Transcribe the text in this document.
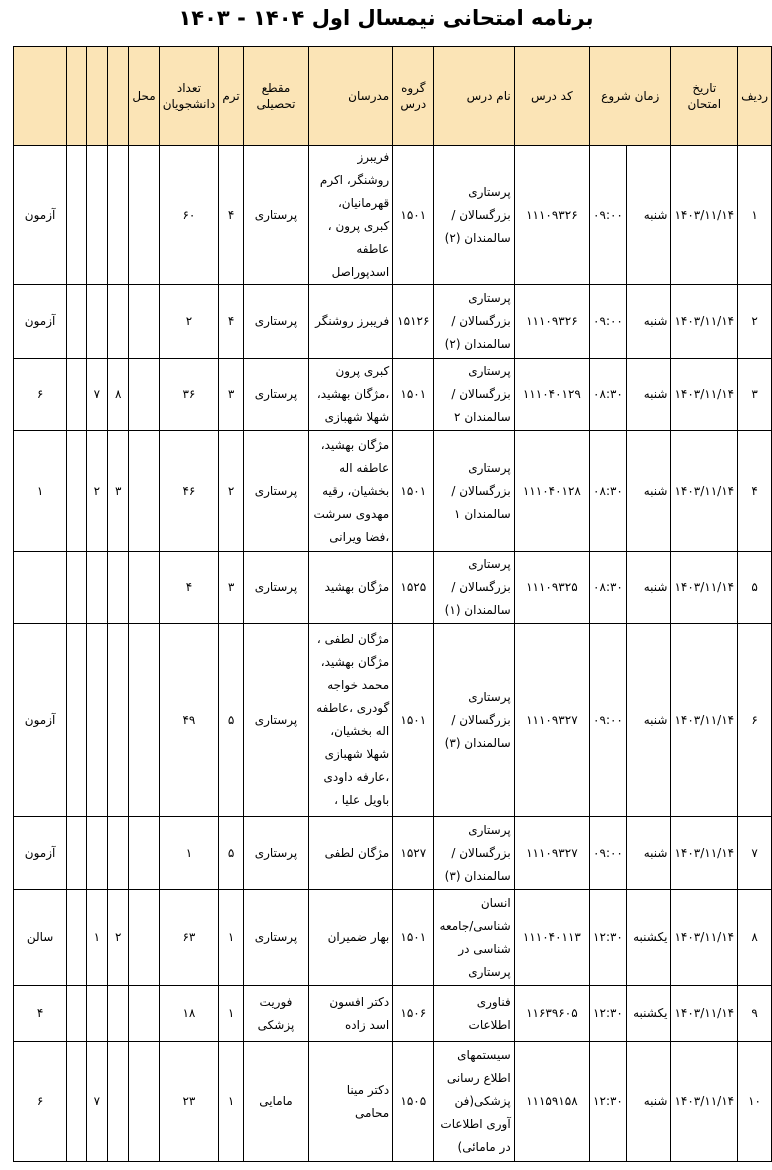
برنامه امتحانی نیمسال اول ۱۴۰۴ - ۱۴۰۳
ردیف	تاریخ امتحان	زمان شروع		کد درس	نام درس	گروه درس	مدرسان	مقطع تحصیلی	ترم	تعداد دانشجویان	محل				
۱	۱۴۰۳/۱۱/۱۴	شنبه	۰۹:۰۰	۱۱۱۰۹۳۲۶	پرستاری بزرگسالان / سالمندان (۲)	۱۵۰۱	فریبرز روشنگر، اکرم قهرمانیان، کبری پرون ، عاطفه اسدپوراصل	پرستاری	۴	۶۰					آزمون
۲	۱۴۰۳/۱۱/۱۴	شنبه	۰۹:۰۰	۱۱۱۰۹۳۲۶	پرستاری بزرگسالان / سالمندان (۲)	۱۵۱۲۶	فریبرز روشنگر	پرستاری	۴	۲					آزمون
۳	۱۴۰۳/۱۱/۱۴	شنبه	۰۸:۳۰	۱۱۱۰۴۰۱۲۹	پرستاری بزرگسالان / سالمندان ۲	۱۵۰۱	کبری پرون ،مژگان بهشید، شهلا شهبازی	پرستاری	۳	۳۶		۸	۷		۶
۴	۱۴۰۳/۱۱/۱۴	شنبه	۰۸:۳۰	۱۱۱۰۴۰۱۲۸	پرستاری بزرگسالان / سالمندان ۱	۱۵۰۱	مژگان بهشید، عاطفه اله بخشیان، رقیه مهدوی سرشت ،فضا ویرانی	پرستاری	۲	۴۶		۳	۲		۱
۵	۱۴۰۳/۱۱/۱۴	شنبه	۰۸:۳۰	۱۱۱۰۹۳۲۵	پرستاری بزرگسالان / سالمندان (۱)	۱۵۲۵	مژگان بهشید	پرستاری	۳	۴					
۶	۱۴۰۳/۱۱/۱۴	شنبه	۰۹:۰۰	۱۱۱۰۹۳۲۷	پرستاری بزرگسالان / سالمندان (۳)	۱۵۰۱	مژگان لطفی ، مژگان بهشید، محمد خواجه گودری ،عاطفه اله بخشیان، شهلا شهبازی ،عارفه داودی باویل علیا ،	پرستاری	۵	۴۹					آزمون
۷	۱۴۰۳/۱۱/۱۴	شنبه	۰۹:۰۰	۱۱۱۰۹۳۲۷	پرستاری بزرگسالان / سالمندان (۳)	۱۵۲۷	مژگان لطفی	پرستاری	۵	۱					آزمون
۸	۱۴۰۳/۱۱/۱۴	یکشنبه	۱۲:۳۰	۱۱۱۰۴۰۱۱۳	انسان شناسی/جامعه شناسی در پرستاری	۱۵۰۱	بهار ضمیران	پرستاری	۱	۶۳		۲	۱		سالن
۹	۱۴۰۳/۱۱/۱۴	یکشنبه	۱۲:۳۰	۱۱۶۳۹۶۰۵	فناوری اطلاعات	۱۵۰۶	دکتر افسون اسد زاده	فوریت پزشکی	۱	۱۸					۴
۱۰	۱۴۰۳/۱۱/۱۴	شنبه	۱۲:۳۰	۱۱۱۵۹۱۵۸	سیستمهای اطلاع رسانی پزشکی(فن آوری اطلاعات در مامائی)	۱۵۰۵	دکتر مینا محامی	مامایی	۱	۲۳			۷		۶
